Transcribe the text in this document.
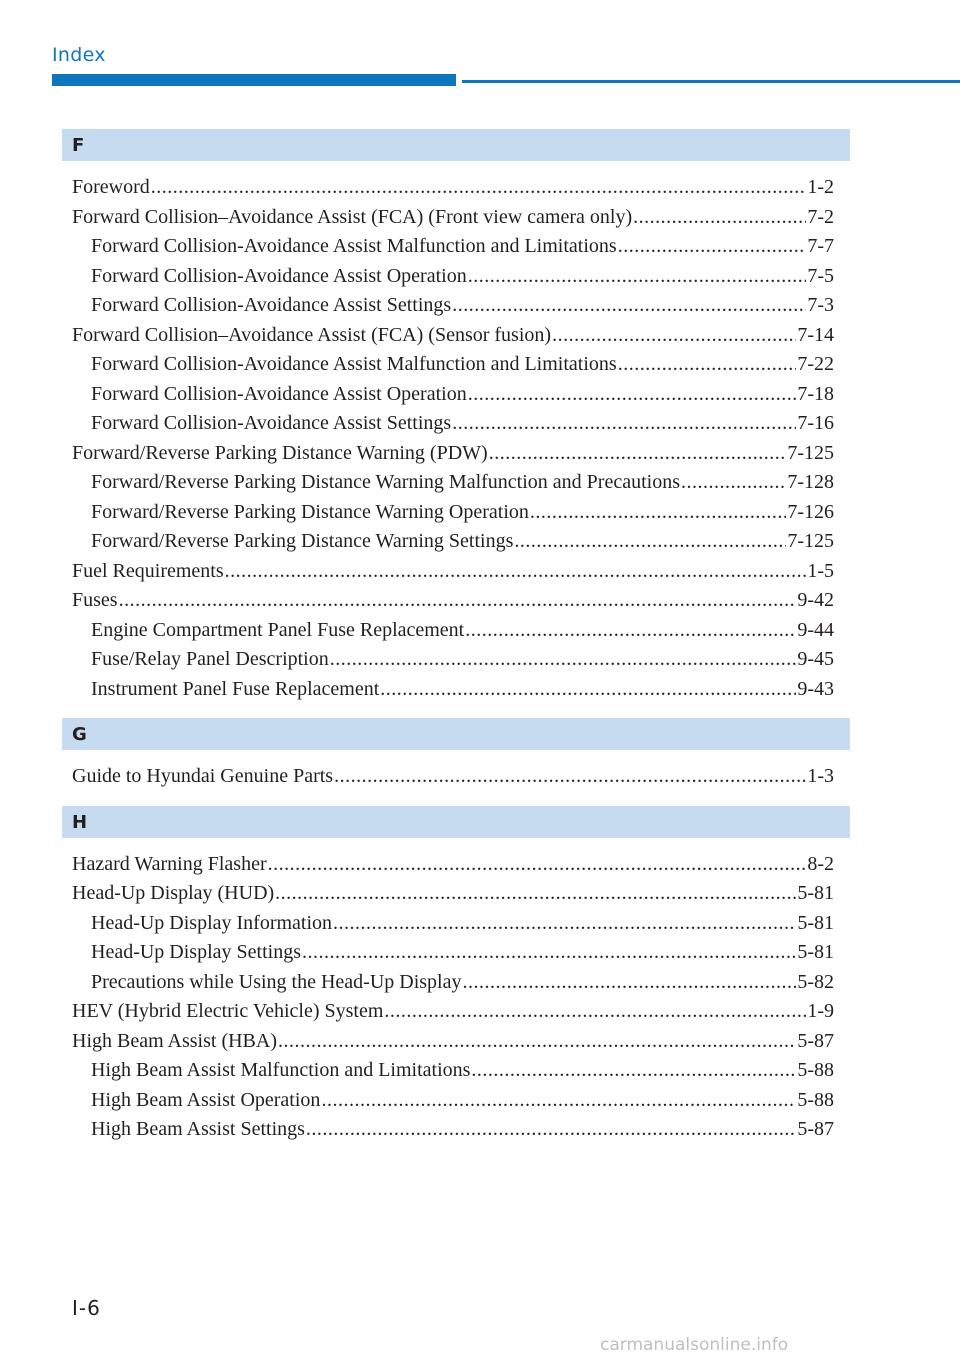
Index
F
Foreword .....	1-2
Forward Collision–Avoidance Assist (FCA) (Front view camera only) .....	7-2
Forward Collision-Avoidance Assist Malfunction and Limitations .....	7-7
Forward Collision-Avoidance Assist Operation .....	7-5
Forward Collision-Avoidance Assist Settings .....	7-3
Forward Collision–Avoidance Assist (FCA) (Sensor fusion) .....	7-14
Forward Collision-Avoidance Assist Malfunction and Limitations .....	7-22
Forward Collision-Avoidance Assist Operation .....	7-18
Forward Collision-Avoidance Assist Settings .....	7-16
Forward/Reverse Parking Distance Warning (PDW) .....	7-125
Forward/Reverse Parking Distance Warning Malfunction and Precautions .....	7-128
Forward/Reverse Parking Distance Warning Operation .....	7-126
Forward/Reverse Parking Distance Warning Settings .....	7-125
Fuel Requirements .....	1-5
Fuses .....	9-42
Engine Compartment Panel Fuse Replacement .....	9-44
Fuse/Relay Panel Description .....	9-45
Instrument Panel Fuse Replacement .....	9-43
G
Guide to Hyundai Genuine Parts .....	1-3
H
Hazard Warning Flasher .....	8-2
Head-Up Display (HUD) .....	5-81
Head-Up Display Information .....	5-81
Head-Up Display Settings .....	5-81
Precautions while Using the Head-Up Display .....	5-82
HEV (Hybrid Electric Vehicle) System .....	1-9
High Beam Assist (HBA) .....	5-87
High Beam Assist Malfunction and Limitations .....	5-88
High Beam Assist Operation .....	5-88
High Beam Assist Settings .....	5-87
I-6
carmanualsonline.info
